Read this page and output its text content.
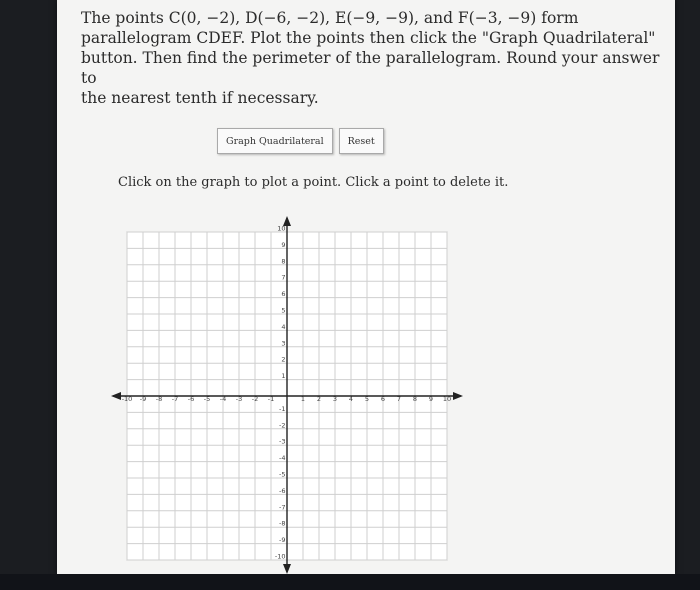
The points C(0, −2), D(−6, −2), E(−9, −9), and F(−3, −9) form
parallelogram CDEF. Plot the points then click the "Graph Quadrilateral"
button. Then find the perimeter of the parallelogram. Round your answer to
the nearest tenth if necessary.

Graph Quadrilateral	Reset

Click on the graph to plot a point. Click a point to delete it.

-10 -9 -8 -7 -6 -5 -4 -3 -2 -1	1 2 3 4 5 6 7 8 9 10
10
9
8
7
6
5
4
3
2
1
-1
-2
-3
-4
-5
-6
-7
-8
-9
-10
